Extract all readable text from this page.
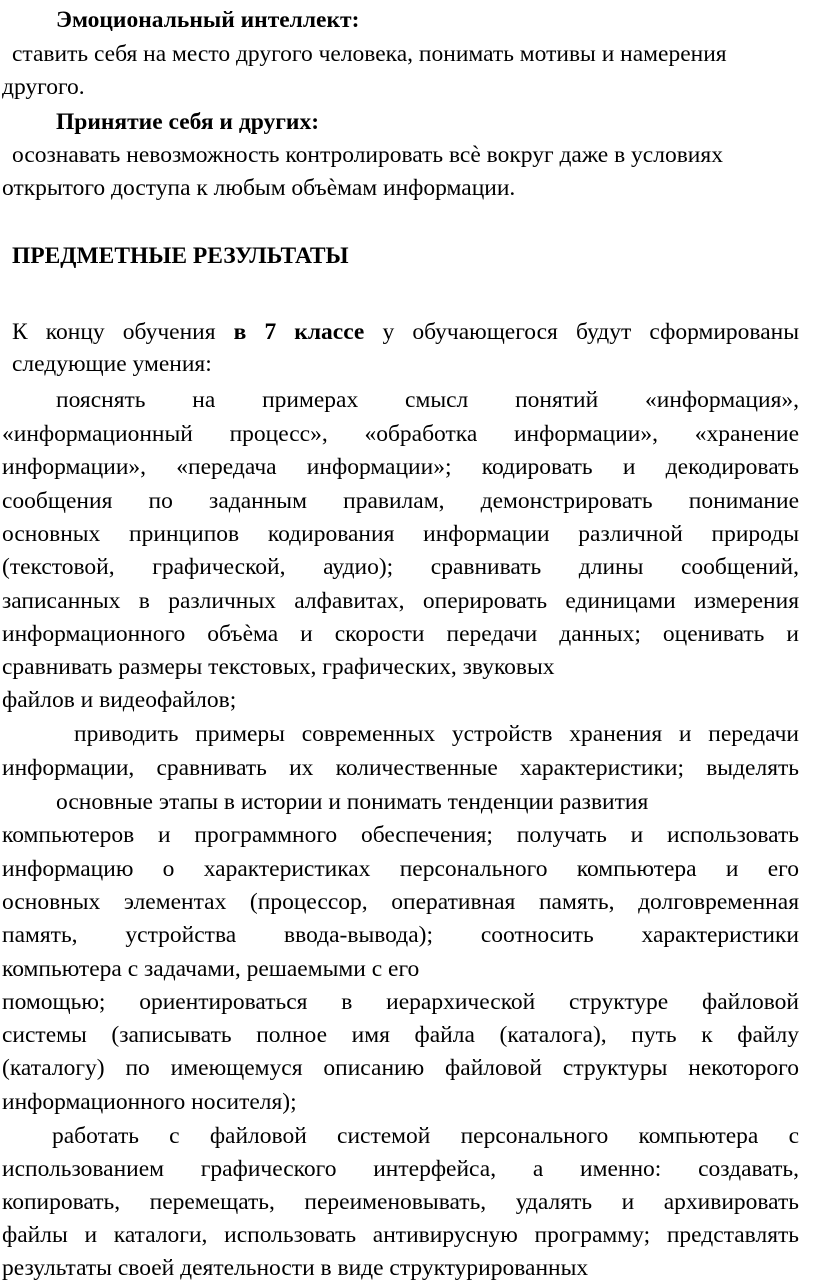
Эмоциональный интеллект:
ставить себя на место другого человека, понимать мотивы и намерения
другого.
Принятие себя и других:
осознавать невозможность контролировать всѐ вокруг даже в условиях
открытого доступа к любым объѐмам информации.
ПРЕДМЕТНЫЕ РЕЗУЛЬТАТЫ
К концу обучения в 7 классе у обучающегося будут сформированы
следующие умения:
пояснять на примерах смысл понятий «информация»,
«информационный процесс», «обработка информации», «хранение
информации», «передача информации»; кодировать и декодировать
сообщения по заданным правилам, демонстрировать понимание
основных принципов кодирования информации различной природы
(текстовой, графической, аудио); сравнивать длины сообщений,
записанных в различных алфавитах, оперировать единицами измерения
информационного объѐма и скорости передачи данных; оценивать и
сравнивать размеры текстовых, графических, звуковых
файлов и видеофайлов;
приводить примеры современных устройств хранения и передачи
информации, сравнивать их количественные характеристики; выделять
основные этапы в истории и понимать тенденции развития
компьютеров и программного обеспечения; получать и использовать
информацию о характеристиках персонального компьютера и его
основных элементах (процессор, оперативная память, долговременная
память, устройства ввода-вывода); соотносить характеристики
компьютера с задачами, решаемыми с его
помощью; ориентироваться в иерархической структуре файловой
системы (записывать полное имя файла (каталога), путь к файлу
(каталогу) по имеющемуся описанию файловой структуры некоторого
информационного носителя);
работать с файловой системой персонального компьютера с
использованием графического интерфейса, а именно: создавать,
копировать, перемещать, переименовывать, удалять и архивировать
файлы и каталоги, использовать антивирусную программу; представлять
результаты своей деятельности в виде структурированных
